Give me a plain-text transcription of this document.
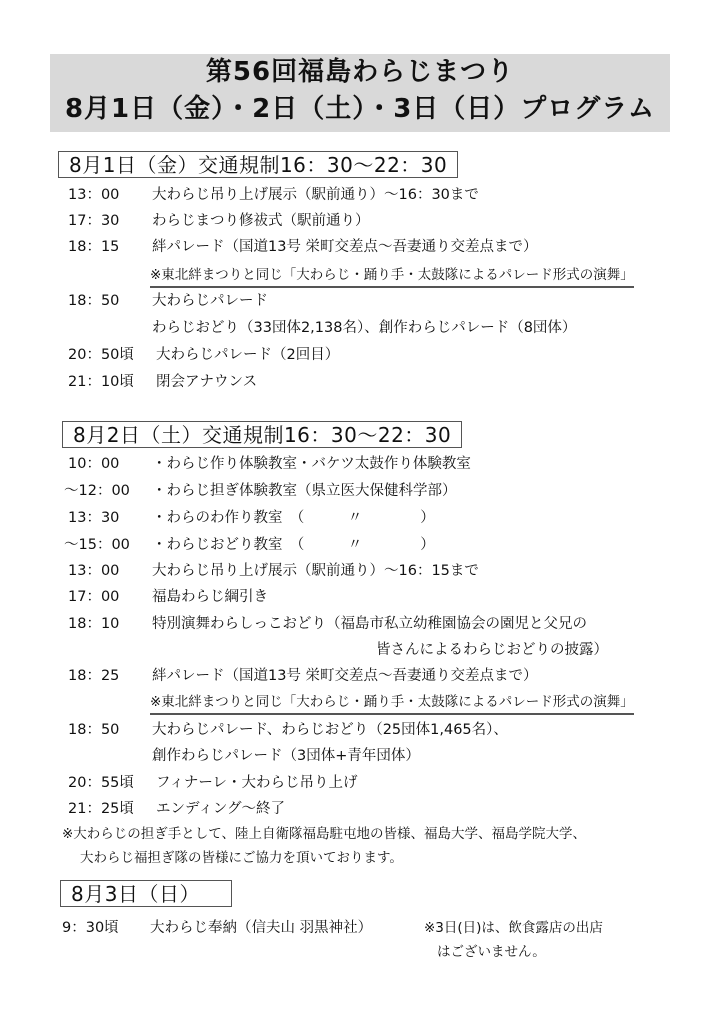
第56回福島わらじまつり
8月1日（金）・2日（土）・3日（日）プログラム
8月1日（金）交通規制16：30～22：30
13：00 大わらじ吊り上げ展示（駅前通り）～16：30まで
17：30 わらじまつり修祓式（駅前通り）
18：15 絆パレード（国道13号 栄町交差点～吾妻通り交差点まで）
※東北絆まつりと同じ「大わらじ・踊り手・太鼓隊によるパレード形式の演舞」
18：50 大わらじパレード
わらじおどり（33団体2,138名）、創作わらじパレード（8団体）
20：50頃 大わらじパレード（2回目）
21：10頃 閉会アナウンス
8月2日（土）交通規制16：30～22：30
10：00 ・わらじ作り体験教室・バケツ太鼓作り体験教室
～12：00 ・わらじ担ぎ体験教室（県立医大保健科学部）
13：30 ・わらのわ作り教室　（　　　〃　　　　）
～15：00 ・わらじおどり教室　（　　　〃　　　　）
13：00 大わらじ吊り上げ展示（駅前通り）～16：15まで
17：00 福島わらじ綱引き
18：10 特別演舞わらしっこおどり（福島市私立幼稚園協会の園児と父兄の
皆さんによるわらじおどりの披露）
18：25 絆パレード（国道13号 栄町交差点～吾妻通り交差点まで）
※東北絆まつりと同じ「大わらじ・踊り手・太鼓隊によるパレード形式の演舞」
18：50 大わらじパレード、わらじおどり（25団体1,465名）、
創作わらじパレード（3団体+青年団体）
20：55頃 フィナーレ・大わらじ吊り上げ
21：25頃 エンディング～終了
※大わらじの担ぎ手として、陸上自衛隊福島駐屯地の皆様、福島大学、福島学院大学、
大わらじ福担ぎ隊の皆様にご協力を頂いております。
8月3日（日）
9：30頃 大わらじ奉納（信夫山 羽黒神社）	※3日(日)は、飲食露店の出店
はございません。
